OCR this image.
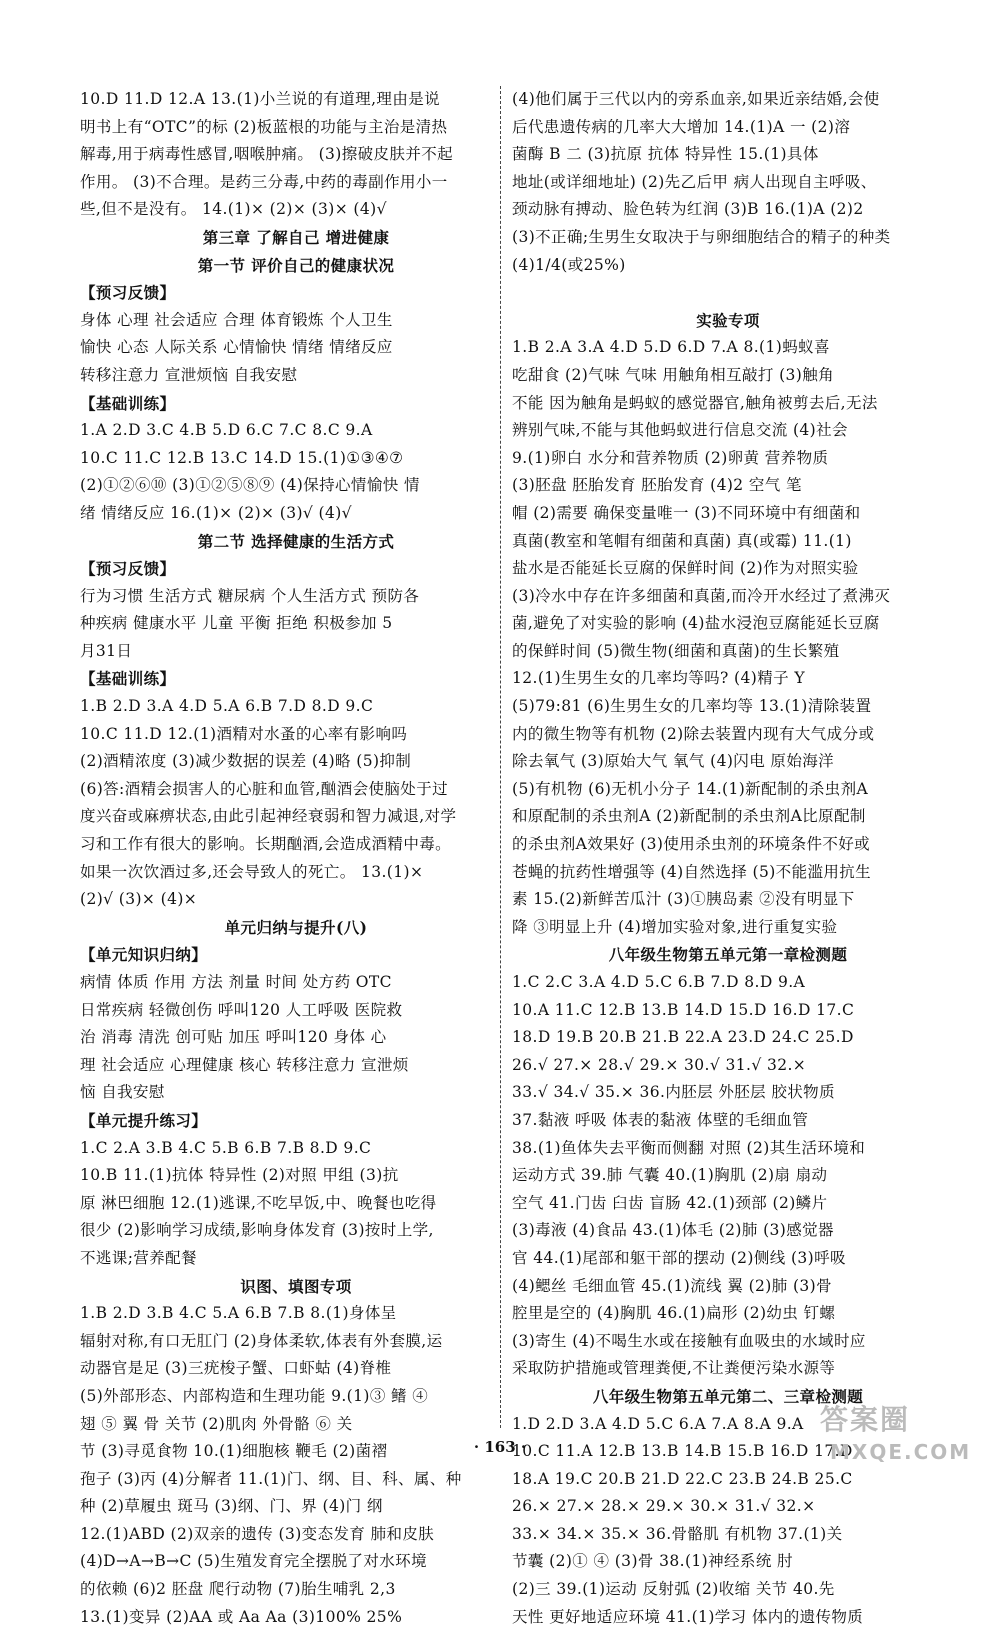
10.D 11.D 12.A 13.(1)小兰说的有道理,理由是说
明书上有“OTC”的标 (2)板蓝根的功能与主治是清热
解毒,用于病毒性感冒,咽喉肿痛。 (3)擦破皮肤并不起
作用。 (3)不合理。是药三分毒,中药的毒副作用小一
些,但不是没有。 14.(1)× (2)× (3)× (4)√
第三章 了解自己 增进健康
第一节 评价自己的健康状况
【预习反馈】
身体 心理 社会适应 合理 体育锻炼 个人卫生
愉快 心态 人际关系 心情愉快 情绪 情绪反应
转移注意力 宣泄烦恼 自我安慰
【基础训练】
1.A 2.D 3.C 4.B 5.D 6.C 7.C 8.C 9.A
10.C 11.C 12.B 13.C 14.D 15.(1)①③④⑦
(2)①②⑥⑩ (3)①②⑤⑧⑨ (4)保持心情愉快 情
绪 情绪反应 16.(1)× (2)× (3)√ (4)√
第二节 选择健康的生活方式
【预习反馈】
行为习惯 生活方式 糖尿病 个人生活方式 预防各
种疾病 健康水平 儿童 平衡 拒绝 积极参加 5
月31日
【基础训练】
1.B 2.D 3.A 4.D 5.A 6.B 7.D 8.D 9.C
10.C 11.D 12.(1)酒精对水蚤的心率有影响吗
(2)酒精浓度 (3)减少数据的误差 (4)略 (5)抑制
(6)答:酒精会损害人的心脏和血管,酗酒会使脑处于过
度兴奋或麻痹状态,由此引起神经衰弱和智力减退,对学
习和工作有很大的影响。长期酗酒,会造成酒精中毒。
如果一次饮酒过多,还会导致人的死亡。 13.(1)×
(2)√ (3)× (4)×
单元归纳与提升(八)
【单元知识归纳】
病情 体质 作用 方法 剂量 时间 处方药 OTC
日常疾病 轻微创伤 呼叫120 人工呼吸 医院救
治 消毒 清洗 创可贴 加压 呼叫120 身体 心
理 社会适应 心理健康 核心 转移注意力 宣泄烦
恼 自我安慰
【单元提升练习】
1.C 2.A 3.B 4.C 5.B 6.B 7.B 8.D 9.C
10.B 11.(1)抗体 特异性 (2)对照 甲组 (3)抗
原 淋巴细胞 12.(1)逃课,不吃早饭,中、晚餐也吃得
很少 (2)影响学习成绩,影响身体发育 (3)按时上学,
不逃课;营养配餐
识图、填图专项
1.B 2.D 3.B 4.C 5.A 6.B 7.B 8.(1)身体呈
辐射对称,有口无肛门 (2)身体柔软,体表有外套膜,运
动器官是足 (3)三疣梭子蟹、口虾蛄 (4)脊椎
(5)外部形态、内部构造和生理功能 9.(1)③ 鳍 ④
翅 ⑤ 翼 骨 关节 (2)肌肉 外骨骼 ⑥ 关
节 (3)寻觅食物 10.(1)细胞核 鞭毛 (2)菌褶
孢子 (3)丙 (4)分解者 11.(1)门、纲、目、科、属、种
种 (2)草履虫 斑马 (3)纲、门、界 (4)门 纲
12.(1)ABD (2)双亲的遗传 (3)变态发育 肺和皮肤
(4)D→A→B→C (5)生殖发育完全摆脱了对水环境
的依赖 (6)2 胚盘 爬行动物 (7)胎生哺乳 2,3
13.(1)变异 (2)AA 或 Aa Aa (3)100% 25%
(4)他们属于三代以内的旁系血亲,如果近亲结婚,会使
后代患遗传病的几率大大增加 14.(1)A 一 (2)溶
菌酶 B 二 (3)抗原 抗体 特异性 15.(1)具体
地址(或详细地址) (2)先乙后甲 病人出现自主呼吸、
颈动脉有搏动、脸色转为红润 (3)B 16.(1)A (2)2
(3)不正确;生男生女取决于与卵细胞结合的精子的种类
(4)1/4(或25%)

实验专项
1.B 2.A 3.A 4.D 5.D 6.D 7.A 8.(1)蚂蚁喜
吃甜食 (2)气味 气味 用触角相互敲打 (3)触角
不能 因为触角是蚂蚁的感觉器官,触角被剪去后,无法
辨别气味,不能与其他蚂蚁进行信息交流 (4)社会
9.(1)卵白 水分和营养物质 (2)卵黄 营养物质
(3)胚盘 胚胎发育 胚胎发育 (4)2 空气 笔
帽 (2)需要 确保变量唯一 (3)不同环境中有细菌和
真菌(教室和笔帽有细菌和真菌) 真(或霉) 11.(1)
盐水是否能延长豆腐的保鲜时间 (2)作为对照实验
(3)冷水中存在许多细菌和真菌,而冷开水经过了煮沸灭
菌,避免了对实验的影响 (4)盐水浸泡豆腐能延长豆腐
的保鲜时间 (5)微生物(细菌和真菌)的生长繁殖
12.(1)生男生女的几率均等吗? (4)精子 Y
(5)79:81 (6)生男生女的几率均等 13.(1)清除装置
内的微生物等有机物 (2)除去装置内现有大气成分或
除去氧气 (3)原始大气 氧气 (4)闪电 原始海洋
(5)有机物 (6)无机小分子 14.(1)新配制的杀虫剂A
和原配制的杀虫剂A (2)新配制的杀虫剂A比原配制
的杀虫剂A效果好 (3)使用杀虫剂的环境条件不好或
苍蝇的抗药性增强等 (4)自然选择 (5)不能滥用抗生
素 15.(2)新鲜苦瓜汁 (3)①胰岛素 ②没有明显下
降 ③明显上升 (4)增加实验对象,进行重复实验
八年级生物第五单元第一章检测题
1.C 2.C 3.A 4.D 5.C 6.B 7.D 8.D 9.A
10.A 11.C 12.B 13.B 14.D 15.D 16.D 17.C
18.D 19.B 20.B 21.B 22.A 23.D 24.C 25.D
26.√ 27.× 28.√ 29.× 30.√ 31.√ 32.×
33.√ 34.√ 35.× 36.内胚层 外胚层 胶状物质
37.黏液 呼吸 体表的黏液 体壁的毛细血管
38.(1)鱼体失去平衡而侧翻 对照 (2)其生活环境和
运动方式 39.肺 气囊 40.(1)胸肌 (2)扇 扇动
空气 41.门齿 臼齿 盲肠 42.(1)颈部 (2)鳞片
(3)毒液 (4)食品 43.(1)体毛 (2)肺 (3)感觉器
官 44.(1)尾部和躯干部的摆动 (2)侧线 (3)呼吸
(4)鳃丝 毛细血管 45.(1)流线 翼 (2)肺 (3)骨
腔里是空的 (4)胸肌 46.(1)扁形 (2)幼虫 钉螺
(3)寄生 (4)不喝生水或在接触有血吸虫的水域时应
采取防护措施或管理粪便,不让粪便污染水源等
八年级生物第五单元第二、三章检测题
1.D 2.D 3.A 4.D 5.C 6.A 7.A 8.A 9.A
10.C 11.A 12.B 13.B 14.B 15.B 16.D 17.D
18.A 19.C 20.B 21.D 22.C 23.B 24.B 25.C
26.× 27.× 28.× 29.× 30.× 31.√ 32.×
33.× 34.× 35.× 36.骨骼肌 有机物 37.(1)关
节囊 (2)① ④ (3)骨 38.(1)神经系统 肘
(2)三 39.(1)运动 反射弧 (2)收缩 关节 40.先
天性 更好地适应环境 41.(1)学习 体内的遗传物质
· 163 ·
答案圈
MXQE.COM
